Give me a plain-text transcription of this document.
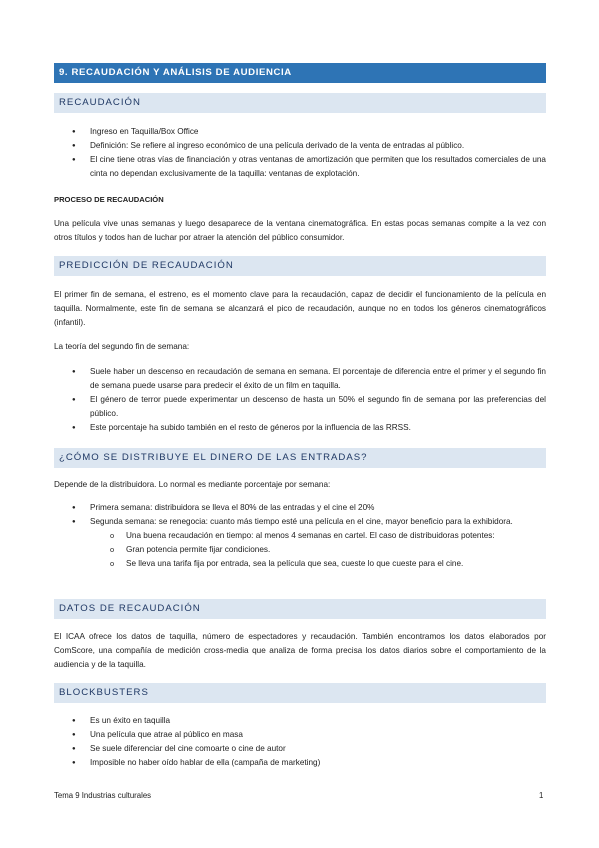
9. RECAUDACIÓN Y ANÁLISIS DE AUDIENCIA
RECAUDACIÓN
● Ingreso en Taquilla/Box Office
● Definición: Se refiere al ingreso económico de una película derivado de la venta de entradas al público.
● El cine tiene otras vías de financiación y otras ventanas de amortización que permiten que los resultados comerciales de una cinta no dependan exclusivamente de la taquilla: ventanas de explotación.
PROCESO DE RECAUDACIÓN
Una película vive unas semanas y luego desaparece de la ventana cinematográfica. En estas pocas semanas compite a la vez con otros títulos y todos han de luchar por atraer la atención del público consumidor.
PREDICCIÓN DE RECAUDACIÓN
El primer fin de semana, el estreno, es el momento clave para la recaudación, capaz de decidir el funcionamiento de la película en taquilla. Normalmente, este fin de semana se alcanzará el pico de recaudación, aunque no en todos los géneros cinematográficos (infantil).
La teoría del segundo fin de semana:
● Suele haber un descenso en recaudación de semana en semana. El porcentaje de diferencia entre el primer y el segundo fin de semana puede usarse para predecir el éxito de un film en taquilla.
● El género de terror puede experimentar un descenso de hasta un 50% el segundo fin de semana por las preferencias del público.
● Este porcentaje ha subido también en el resto de géneros por la influencia de las RRSS.
¿CÓMO SE DISTRIBUYE EL DINERO DE LAS ENTRADAS?
Depende de la distribuidora. Lo normal es mediante porcentaje por semana:
● Primera semana: distribuidora se lleva el 80% de las entradas y el cine el 20%
● Segunda semana: se renegocia: cuanto más tiempo esté una película en el cine, mayor beneficio para la exhibidora.
o Una buena recaudación en tiempo: al menos 4 semanas en cartel. El caso de distribuidoras potentes:
o Gran potencia permite fijar condiciones.
o Se lleva una tarifa fija por entrada, sea la película que sea, cueste lo que cueste para el cine.
DATOS DE RECAUDACIÓN
El ICAA ofrece los datos de taquilla, número de espectadores y recaudación. También encontramos los datos elaborados por ComScore, una compañía de medición cross-media que analiza de forma precisa los datos diarios sobre el comportamiento de la audiencia y de la taquilla.
BLOCKBUSTERS
● Es un éxito en taquilla
● Una película que atrae al público en masa
● Se suele diferenciar del cine comoarte o cine de autor
● Imposible no haber oído hablar de ella (campaña de marketing)
Tema 9 Industrias culturales	1
